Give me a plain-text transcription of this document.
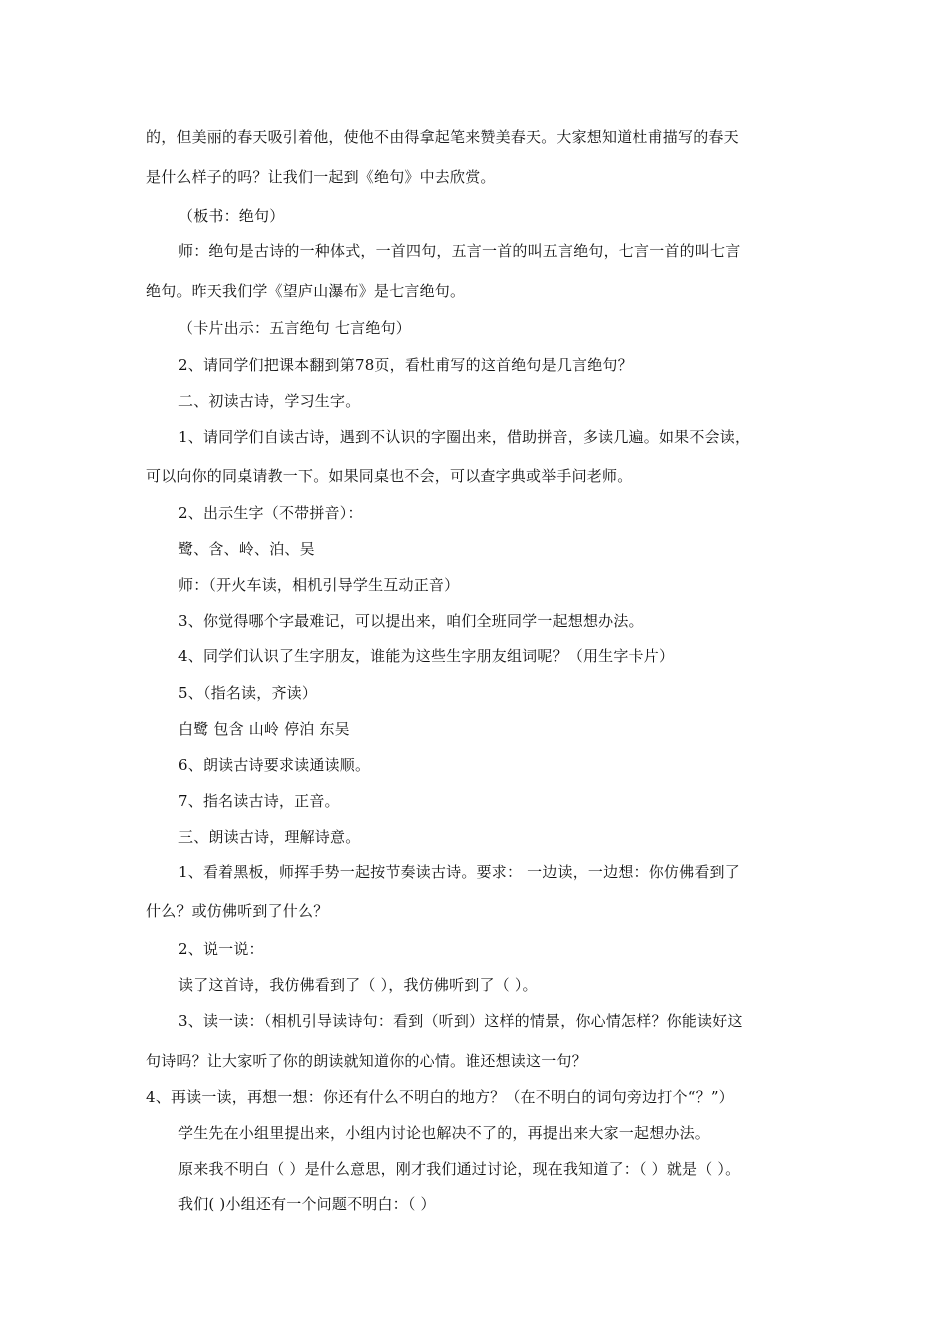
的，但美丽的春天吸引着他，使他不由得拿起笔来赞美春天。大家想知道杜甫描写的春天
是什么样子的吗？让我们一起到《绝句》中去欣赏。
（板书：绝句）
师：绝句是古诗的一种体式，一首四句，五言一首的叫五言绝句，七言一首的叫七言
绝句。昨天我们学《望庐山瀑布》是七言绝句。
（卡片出示：五言绝句 七言绝句）
2、请同学们把课本翻到第78页，看杜甫写的这首绝句是几言绝句？
二、初读古诗，学习生字。
1、请同学们自读古诗，遇到不认识的字圈出来，借助拼音，多读几遍。如果不会读，
可以向你的同桌请教一下。如果同桌也不会，可以查字典或举手问老师。
2、出示生字（不带拼音）：
鹭、含、岭、泊、吴
师：（开火车读，相机引导学生互动正音）
3、你觉得哪个字最难记，可以提出来，咱们全班同学一起想想办法。
4、同学们认识了生字朋友，谁能为这些生字朋友组词呢？（用生字卡片）
5、（指名读，齐读）
白鹭 包含 山岭 停泊 东吴
6、朗读古诗要求读通读顺。
7、指名读古诗，正音。
三、朗读古诗，理解诗意。
1、看着黑板，师挥手势一起按节奏读古诗。要求： 一边读，一边想：你仿佛看到了
什么？或仿佛听到了什么？
2、说一说：
读了这首诗，我仿佛看到了（ ），我仿佛听到了（ ）。
3、读一读：（相机引导读诗句：看到（听到）这样的情景，你心情怎样？你能读好这
句诗吗？让大家听了你的朗读就知道你的心情。谁还想读这一句？
4、再读一读，再想一想：你还有什么不明白的地方？（在不明白的词句旁边打个“？”）
学生先在小组里提出来，小组内讨论也解决不了的，再提出来大家一起想办法。
原来我不明白（ ）是什么意思，刚才我们通过讨论，现在我知道了：（ ）就是（ ）。
我们( )小组还有一个问题不明白：（ ）
